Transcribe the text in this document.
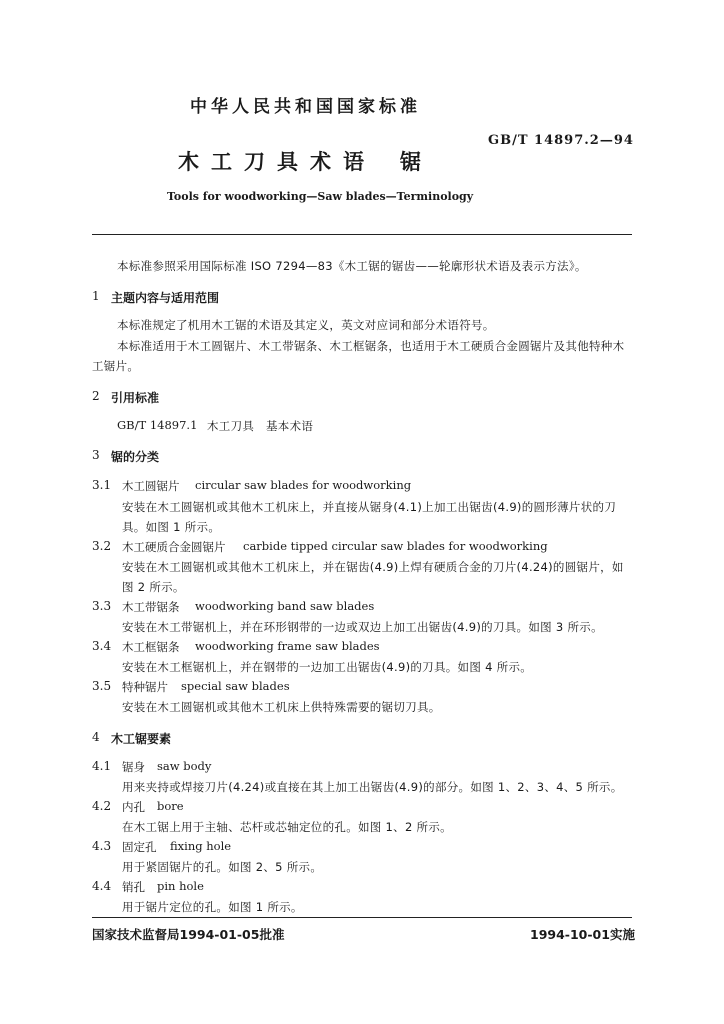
中华人民共和国国家标准
GB/T 14897.2—94
木工刀具术语 锯
Tools for woodworking—Saw blades—Terminology
本标准参照采用国际标准 ISO 7294—83《木工锯的锯齿——轮廓形状术语及表示方法》。
1 主题内容与适用范围
本标准规定了机用木工锯的术语及其定义，英文对应词和部分术语符号。
本标准适用于木工圆锯片、木工带锯条、木工框锯条，也适用于木工硬质合金圆锯片及其他特种木
工锯片。
2 引用标准
GB/T 14897.1 木工刀具　基本术语
3 锯的分类
3.1 木工圆锯片 circular saw blades for woodworking
安装在木工圆锯机或其他木工机床上，并直接从锯身(4.1)上加工出锯齿(4.9)的圆形薄片状的刀
具。如图 1 所示。
3.2 木工硬质合金圆锯片 carbide tipped circular saw blades for woodworking
安装在木工圆锯机或其他木工机床上，并在锯齿(4.9)上焊有硬质合金的刀片(4.24)的圆锯片，如
图 2 所示。
3.3 木工带锯条 woodworking band saw blades
安装在木工带锯机上，并在环形钢带的一边或双边上加工出锯齿(4.9)的刀具。如图 3 所示。
3.4 木工框锯条 woodworking frame saw blades
安装在木工框锯机上，并在钢带的一边加工出锯齿(4.9)的刀具。如图 4 所示。
3.5 特种锯片 special saw blades
安装在木工圆锯机或其他木工机床上供特殊需要的锯切刀具。
4 木工锯要素
4.1 锯身 saw body
用来夹持或焊接刀片(4.24)或直接在其上加工出锯齿(4.9)的部分。如图 1、2、3、4、5 所示。
4.2 内孔 bore
在木工锯上用于主轴、芯杆或芯轴定位的孔。如图 1、2 所示。
4.3 固定孔 fixing hole
用于紧固锯片的孔。如图 2、5 所示。
4.4 销孔 pin hole
用于锯片定位的孔。如图 1 所示。
国家技术监督局1994-01-05批准	1994-10-01实施
